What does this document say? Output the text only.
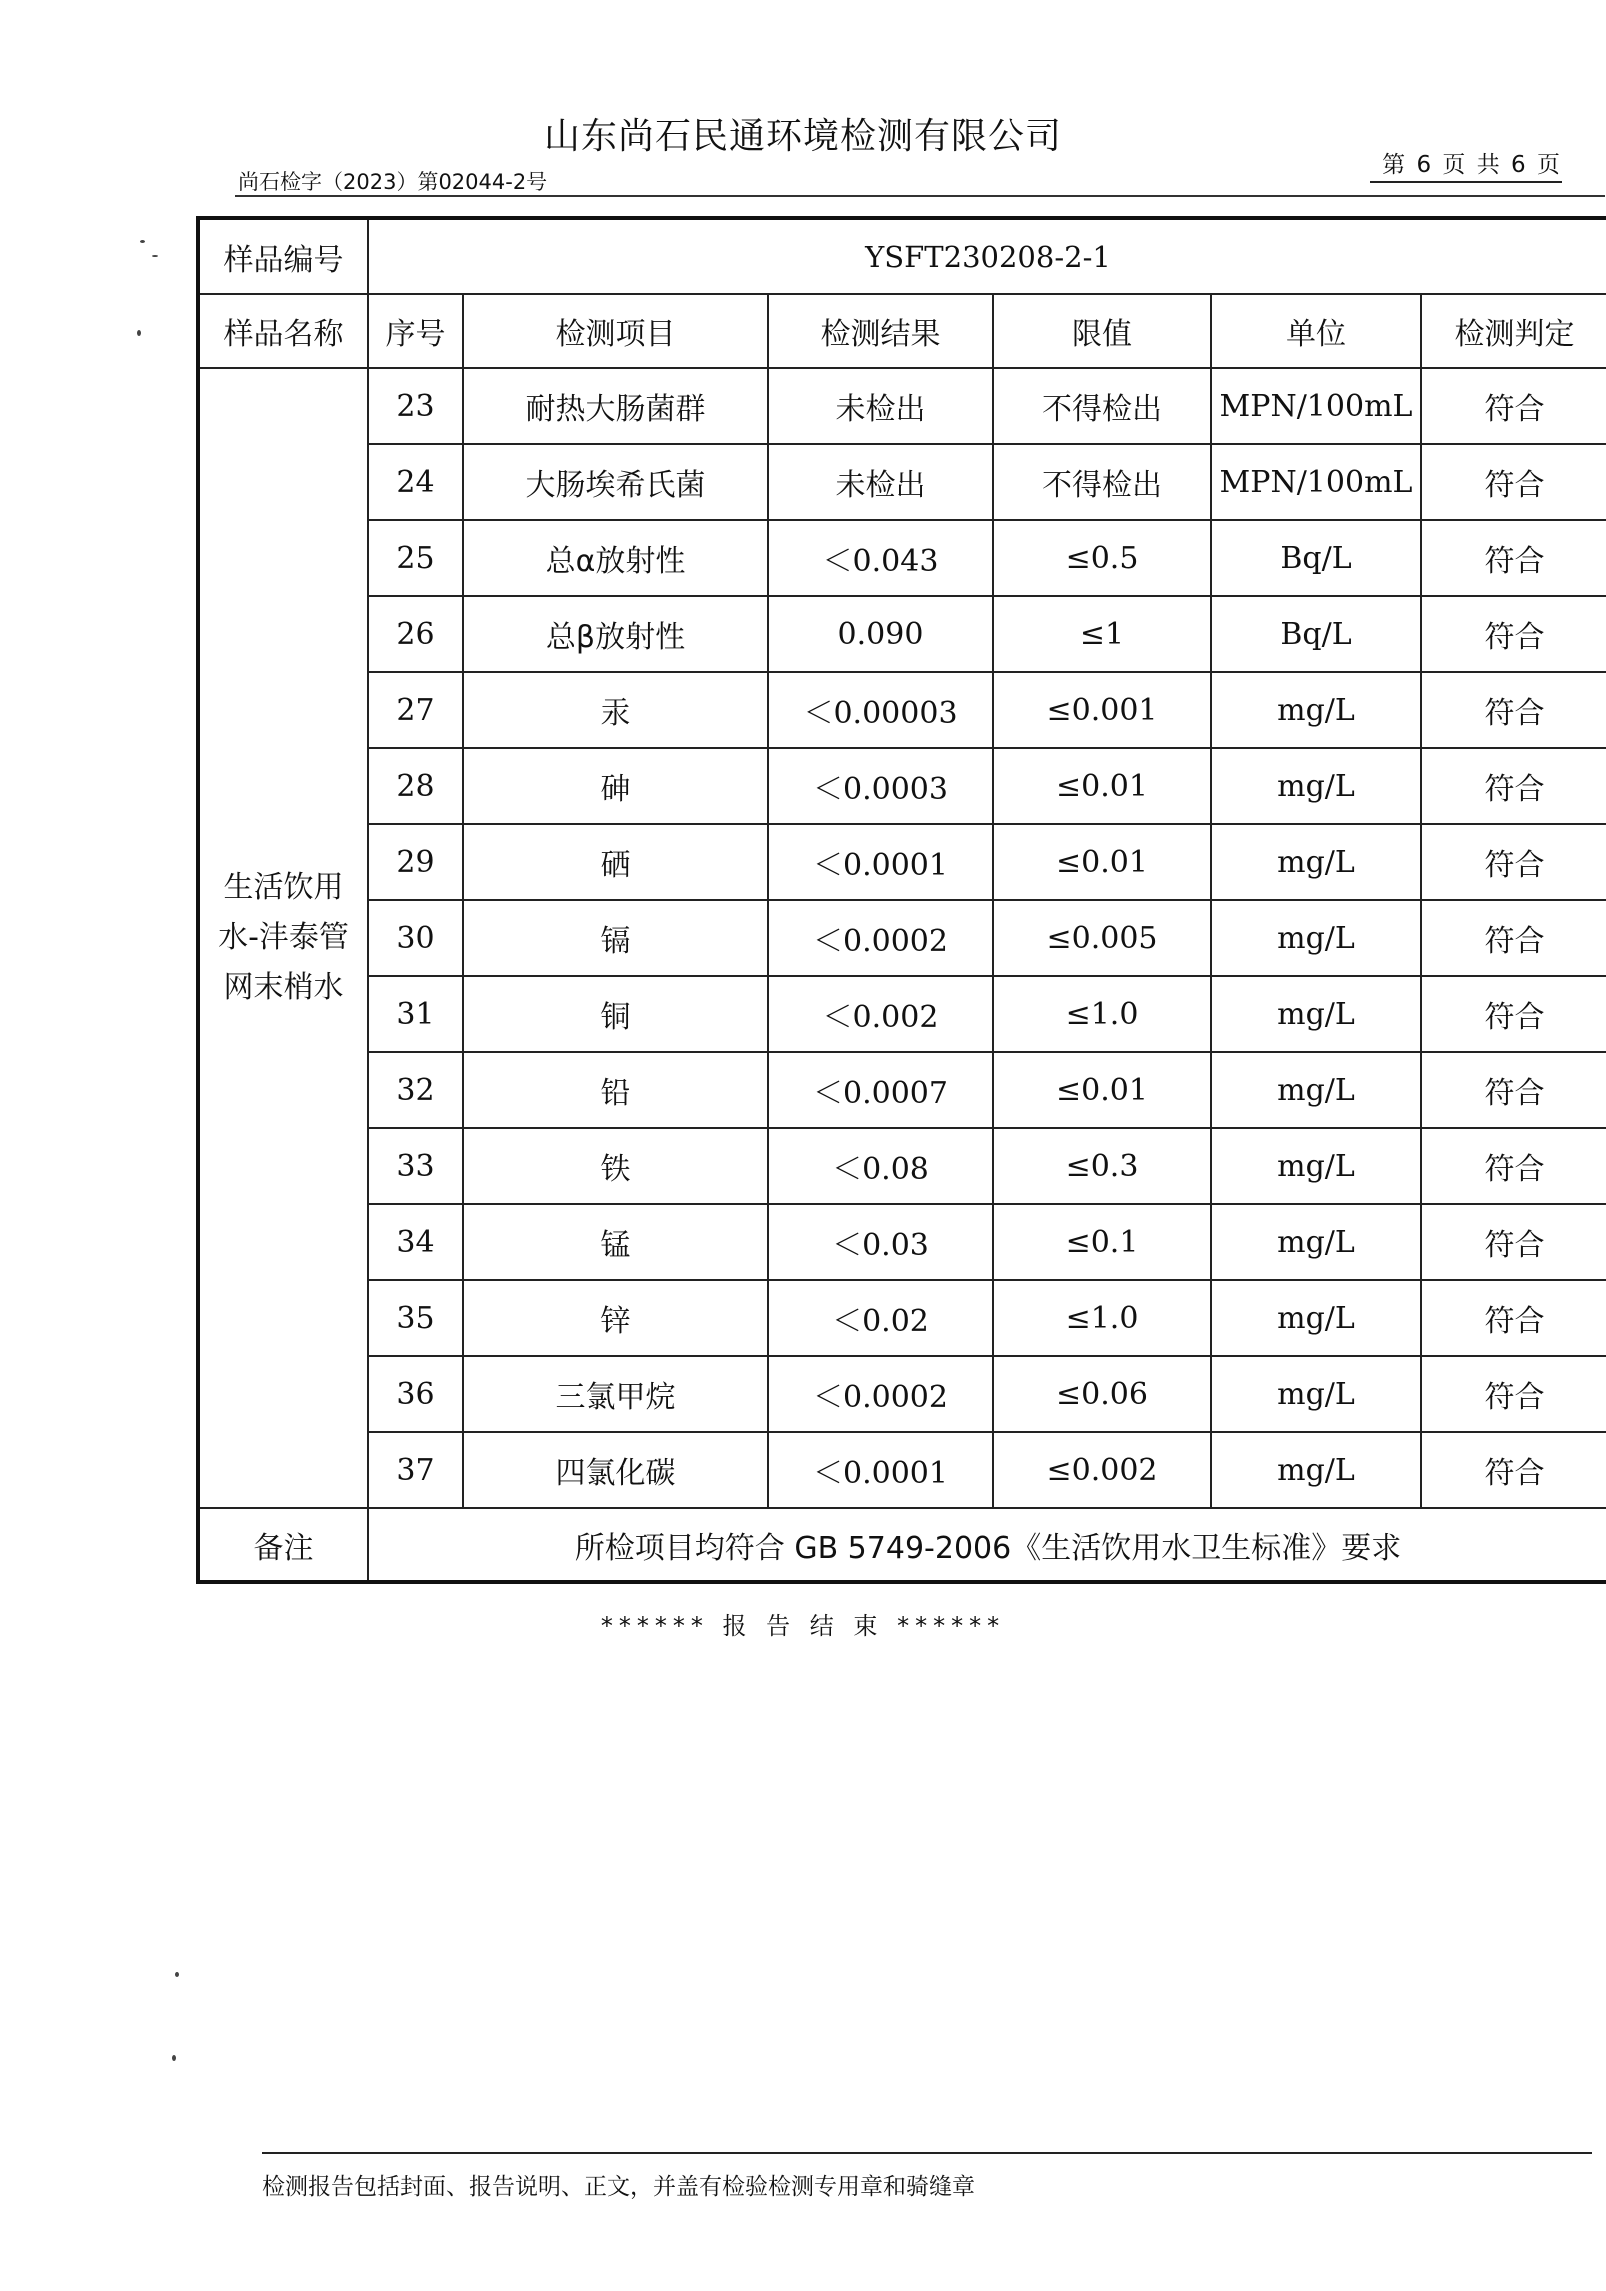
山东尚石民通环境检测有限公司
尚石检字（2023）第02044-2号
第 6 页 共 6 页
样品编号	YSFT230208-2-1					
样品名称	序号	检测项目	检测结果	限值	单位	检测判定
生活饮用水-沣泰管网末梢水	23	耐热大肠菌群	未检出	不得检出	MPN/100mL	符合
	24	大肠埃希氏菌	未检出	不得检出	MPN/100mL	符合
	25	总α放射性	＜0.043	≤0.5	Bq/L	符合
	26	总β放射性	0.090	≤1	Bq/L	符合
	27	汞	＜0.00003	≤0.001	mg/L	符合
	28	砷	＜0.0003	≤0.01	mg/L	符合
	29	硒	＜0.0001	≤0.01	mg/L	符合
	30	镉	＜0.0002	≤0.005	mg/L	符合
	31	铜	＜0.002	≤1.0	mg/L	符合
	32	铅	＜0.0007	≤0.01	mg/L	符合
	33	铁	＜0.08	≤0.3	mg/L	符合
	34	锰	＜0.03	≤0.1	mg/L	符合
	35	锌	＜0.02	≤1.0	mg/L	符合
	36	三氯甲烷	＜0.0002	≤0.06	mg/L	符合
	37	四氯化碳	＜0.0001	≤0.002	mg/L	符合
备注	所检项目均符合 GB 5749-2006《生活饮用水卫生标准》要求					
****** 报 告 结 束 ******
检测报告包括封面、报告说明、正文，并盖有检验检测专用章和骑缝章
